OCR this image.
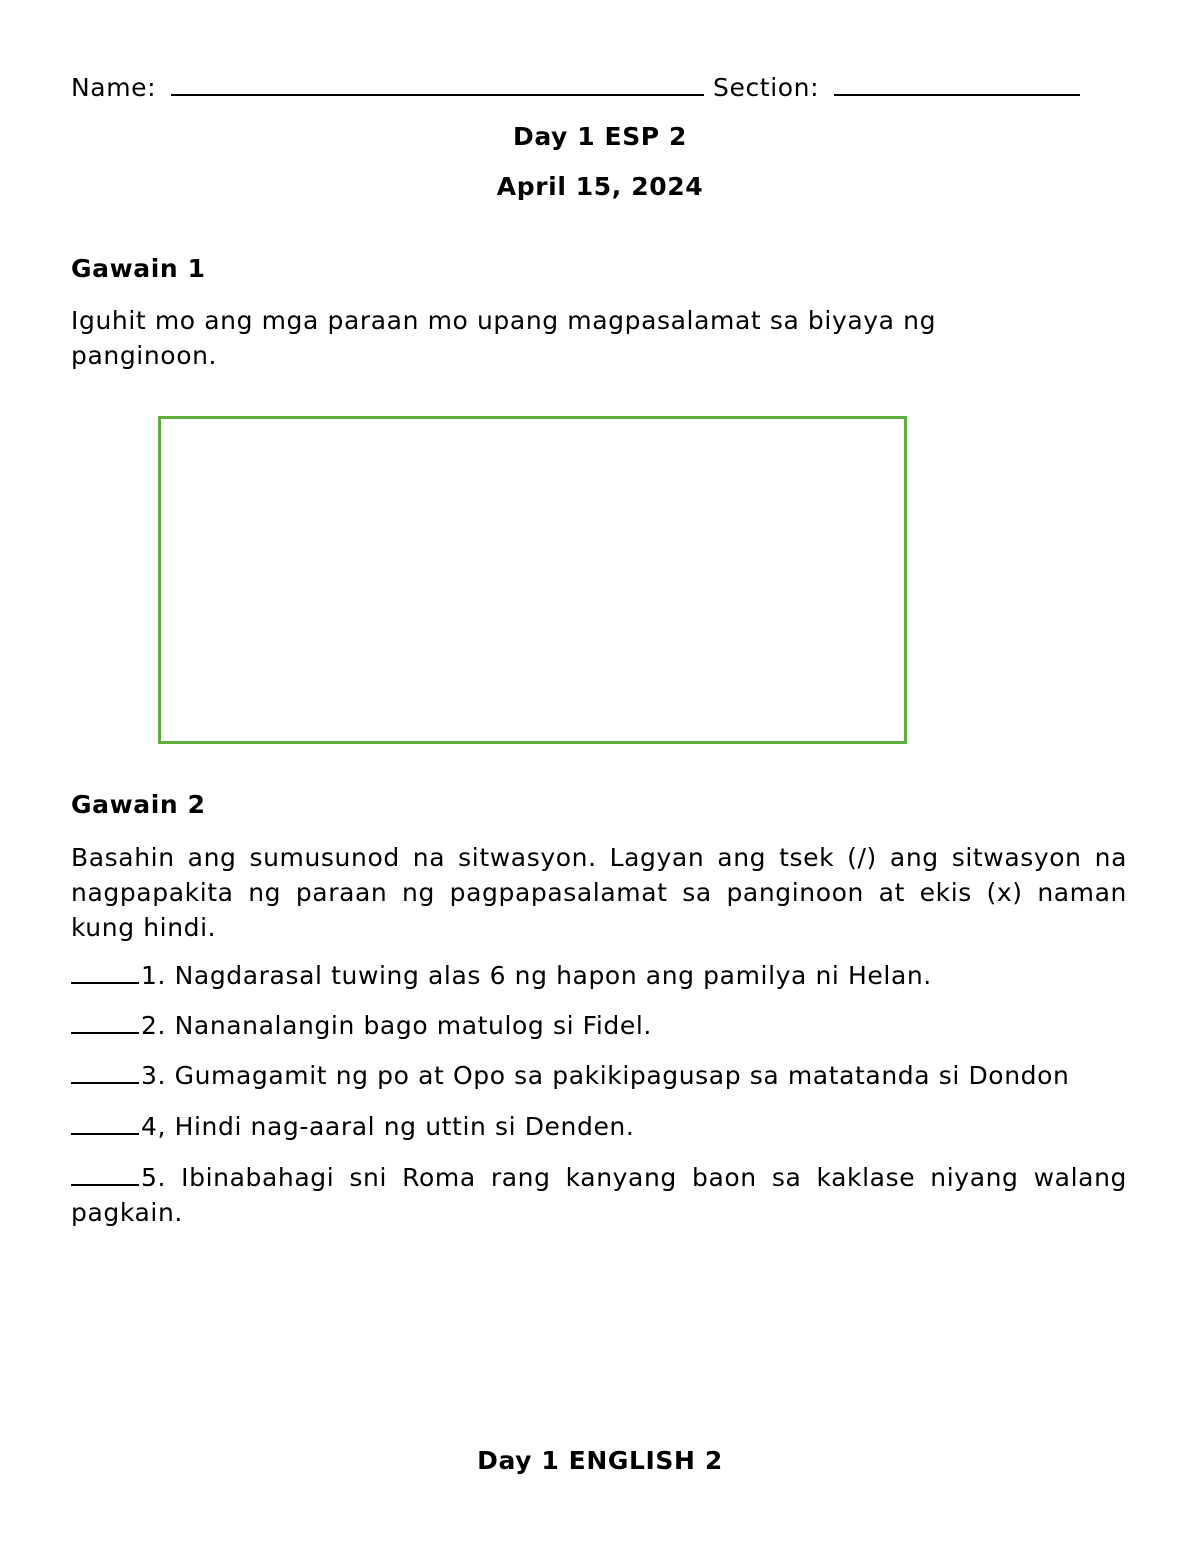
Name:	Section:
Day 1 ESP 2
April 15, 2024
Gawain 1
Iguhit mo ang mga paraan mo upang magpasalamat sa biyaya ng panginoon.
Gawain 2
Basahin ang sumusunod na sitwasyon. Lagyan ang tsek (/) ang sitwasyon na nagpapakita ng paraan ng pagpapasalamat sa panginoon at ekis (x) naman kung hindi.
1. Nagdarasal tuwing alas 6 ng hapon ang pamilya ni Helan.
2. Nananalangin bago matulog si Fidel.
3. Gumagamit ng po at Opo sa pakikipagusap sa matatanda si Dondon
4, Hindi nag-aaral ng uttin si Denden.
5. Ibinabahagi sni Roma rang kanyang baon sa kaklase niyang walang pagkain.
Day 1 ENGLISH 2
